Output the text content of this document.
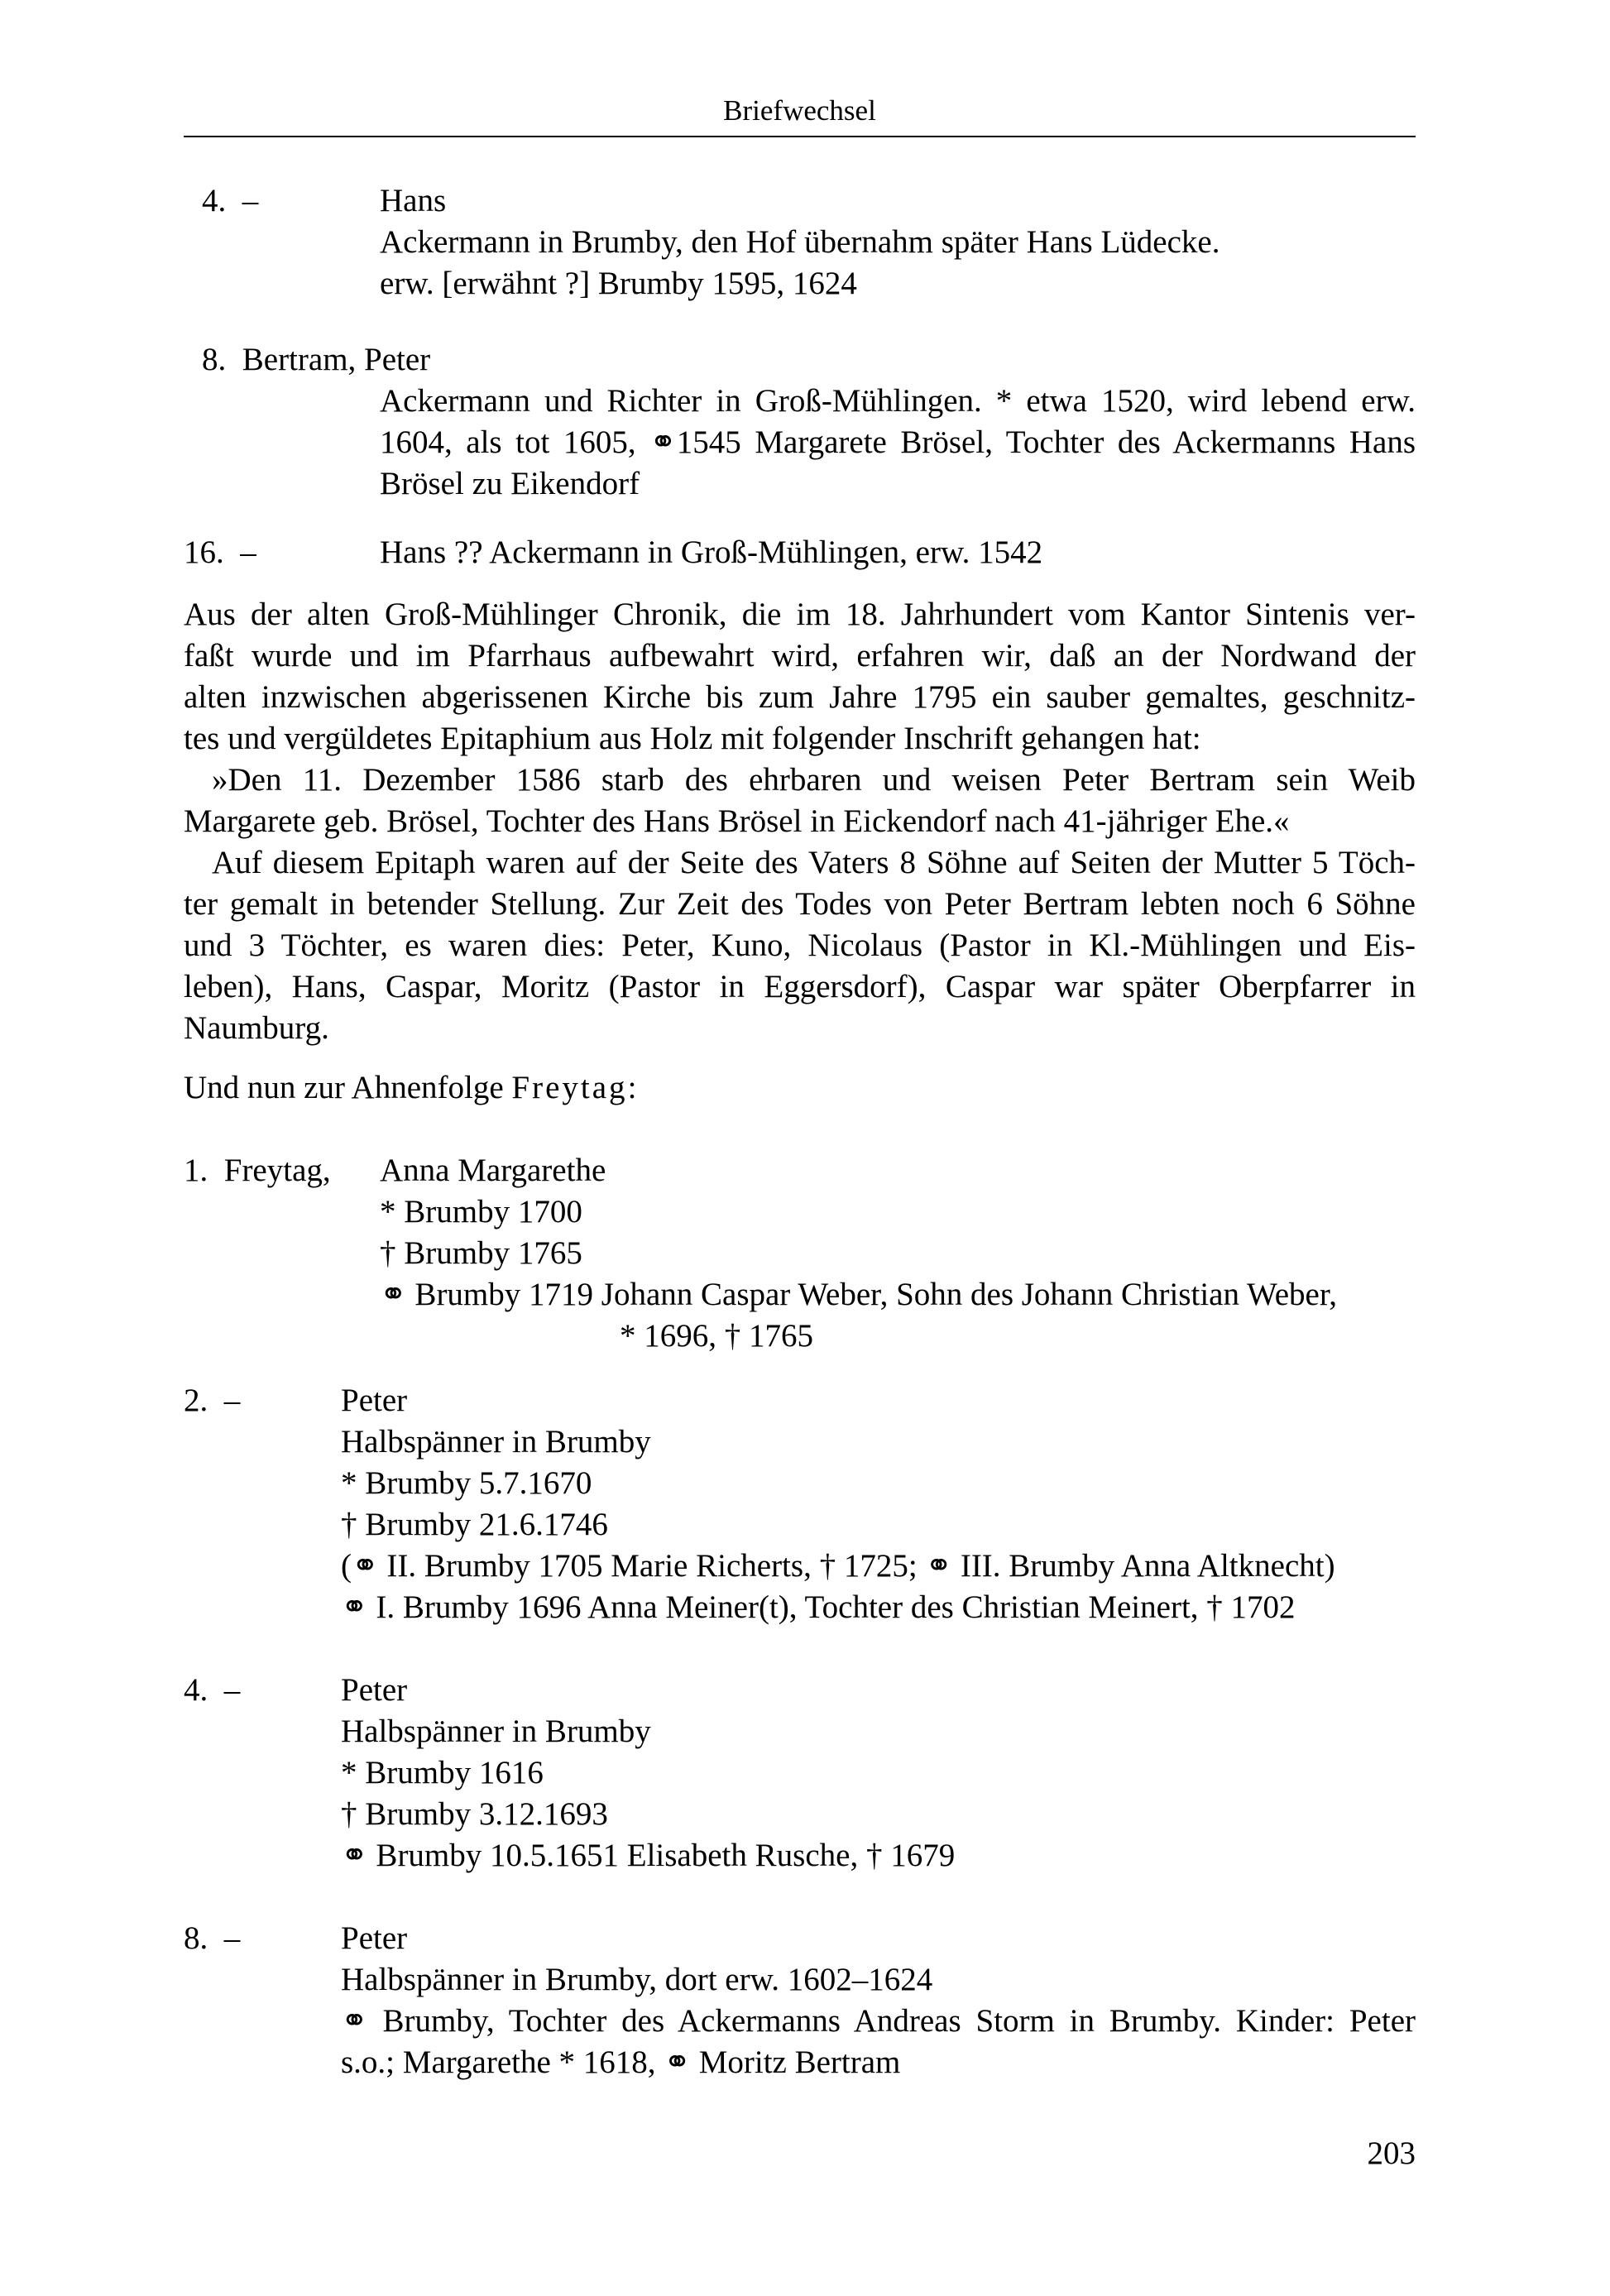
Briefwechsel
4.  –	Hans
Ackermann in Brumby, den Hof übernahm später Hans Lüdecke.
erw. [erwähnt ?] Brumby 1595, 1624
8.  Bertram, Peter
Ackermann und Richter in Groß-Mühlingen. * etwa 1520, wird lebend erw.
1604, als tot 1605, ⚭1545 Margarete Brösel, Tochter des Ackermanns Hans
Brösel zu Eikendorf
16.  –	Hans ?? Ackermann in Groß-Mühlingen, erw. 1542
Aus der alten Groß-Mühlinger Chronik, die im 18. Jahrhundert vom Kantor Sintenis ver-
faßt wurde und im Pfarrhaus aufbewahrt wird, erfahren wir, daß an der Nordwand der
alten inzwischen abgerissenen Kirche bis zum Jahre 1795 ein sauber gemaltes, geschnitz-
tes und vergüldetes Epitaphium aus Holz mit folgender Inschrift gehangen hat:
»Den 11. Dezember 1586 starb des ehrbaren und weisen Peter Bertram sein Weib
Margarete geb. Brösel, Tochter des Hans Brösel in Eickendorf nach 41-jähriger Ehe.«
Auf diesem Epitaph waren auf der Seite des Vaters 8 Söhne auf Seiten der Mutter 5 Töch-
ter gemalt in betender Stellung. Zur Zeit des Todes von Peter Bertram lebten noch 6 Söhne
und 3 Töchter, es waren dies: Peter, Kuno, Nicolaus (Pastor in Kl.-Mühlingen und Eis-
leben), Hans, Caspar, Moritz (Pastor in Eggersdorf), Caspar war später Oberpfarrer in
Naumburg.
Und nun zur Ahnenfolge Freytag:
1.  Freytag, Anna Margarethe
* Brumby 1700
† Brumby 1765
⚭ Brumby 1719 Johann Caspar Weber, Sohn des Johann Christian Weber,
* 1696, † 1765
2.  –	Peter
Halbspänner in Brumby
* Brumby 5.7.1670
† Brumby 21.6.1746
(⚭ II. Brumby 1705 Marie Richerts, † 1725; ⚭ III. Brumby Anna Altknecht)
⚭ I. Brumby 1696 Anna Meiner(t), Tochter des Christian Meinert, † 1702
4.  –	Peter
Halbspänner in Brumby
* Brumby 1616
† Brumby 3.12.1693
⚭ Brumby 10.5.1651 Elisabeth Rusche, † 1679
8.  –	Peter
Halbspänner in Brumby, dort erw. 1602–1624
⚭ Brumby, Tochter des Ackermanns Andreas Storm in Brumby. Kinder: Peter
s.o.; Margarethe * 1618, ⚭ Moritz Bertram
203
